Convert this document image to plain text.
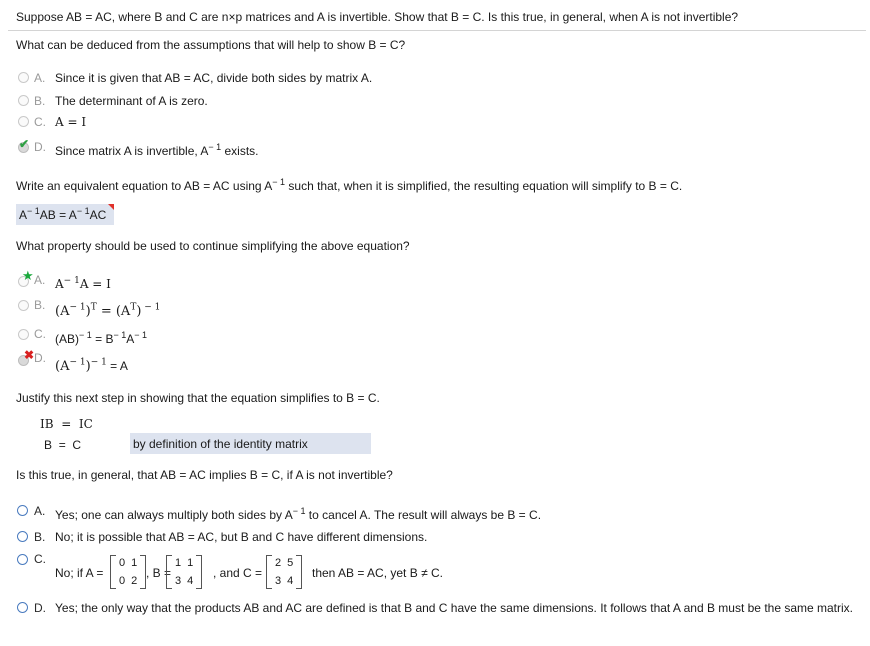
Suppose AB = AC, where B and C are n×p matrices and A is invertible. Show that B = C. Is this true, in general, when A is not invertible?
What can be deduced from the assumptions that will help to show B = C?
A. Since it is given that AB = AC, divide both sides by matrix A.
B. The determinant of A is zero.
C. A = I
✔ D. Since matrix A is invertible, $A^{- 1}$ exists.
Write an equivalent equation to AB = AC using $A^{- 1}$ such that, when it is simplified, the resulting equation will simplify to B = C.
$A^{- 1}AB = A^{- 1}AC$
What property should be used to continue simplifying the above equation?
★ A. $A^{- 1}A = I$
B. $(A^{- 1})^T = (A^T)$ $^{- 1}$
C. $(AB)^{- 1} = B^{- 1}A^{- 1}$
✖ D.
$(A^{- 1})^{- 1} = A$
Justify this next step in showing that the equation simplifies to B = C.
IB = IC
B = C	by definition of the identity matrix
Is this true, in general, that AB = AC implies B = C, if A is not invertible?
A. Yes; one can always multiply both sides by $A^{- 1}$ to cancel A. The result will always be B = C.
B. No; it is possible that AB = AC, but B and C have different dimensions.
C.
No; if A =
0 1
0 2
, B =
1 1
3 4
, and C =
2 5
3 4
then AB = AC, yet B ≠ C.
D. Yes; the only way that the products AB and AC are defined is that B and C have the same dimensions. It follows that A and B must be the same matrix.
